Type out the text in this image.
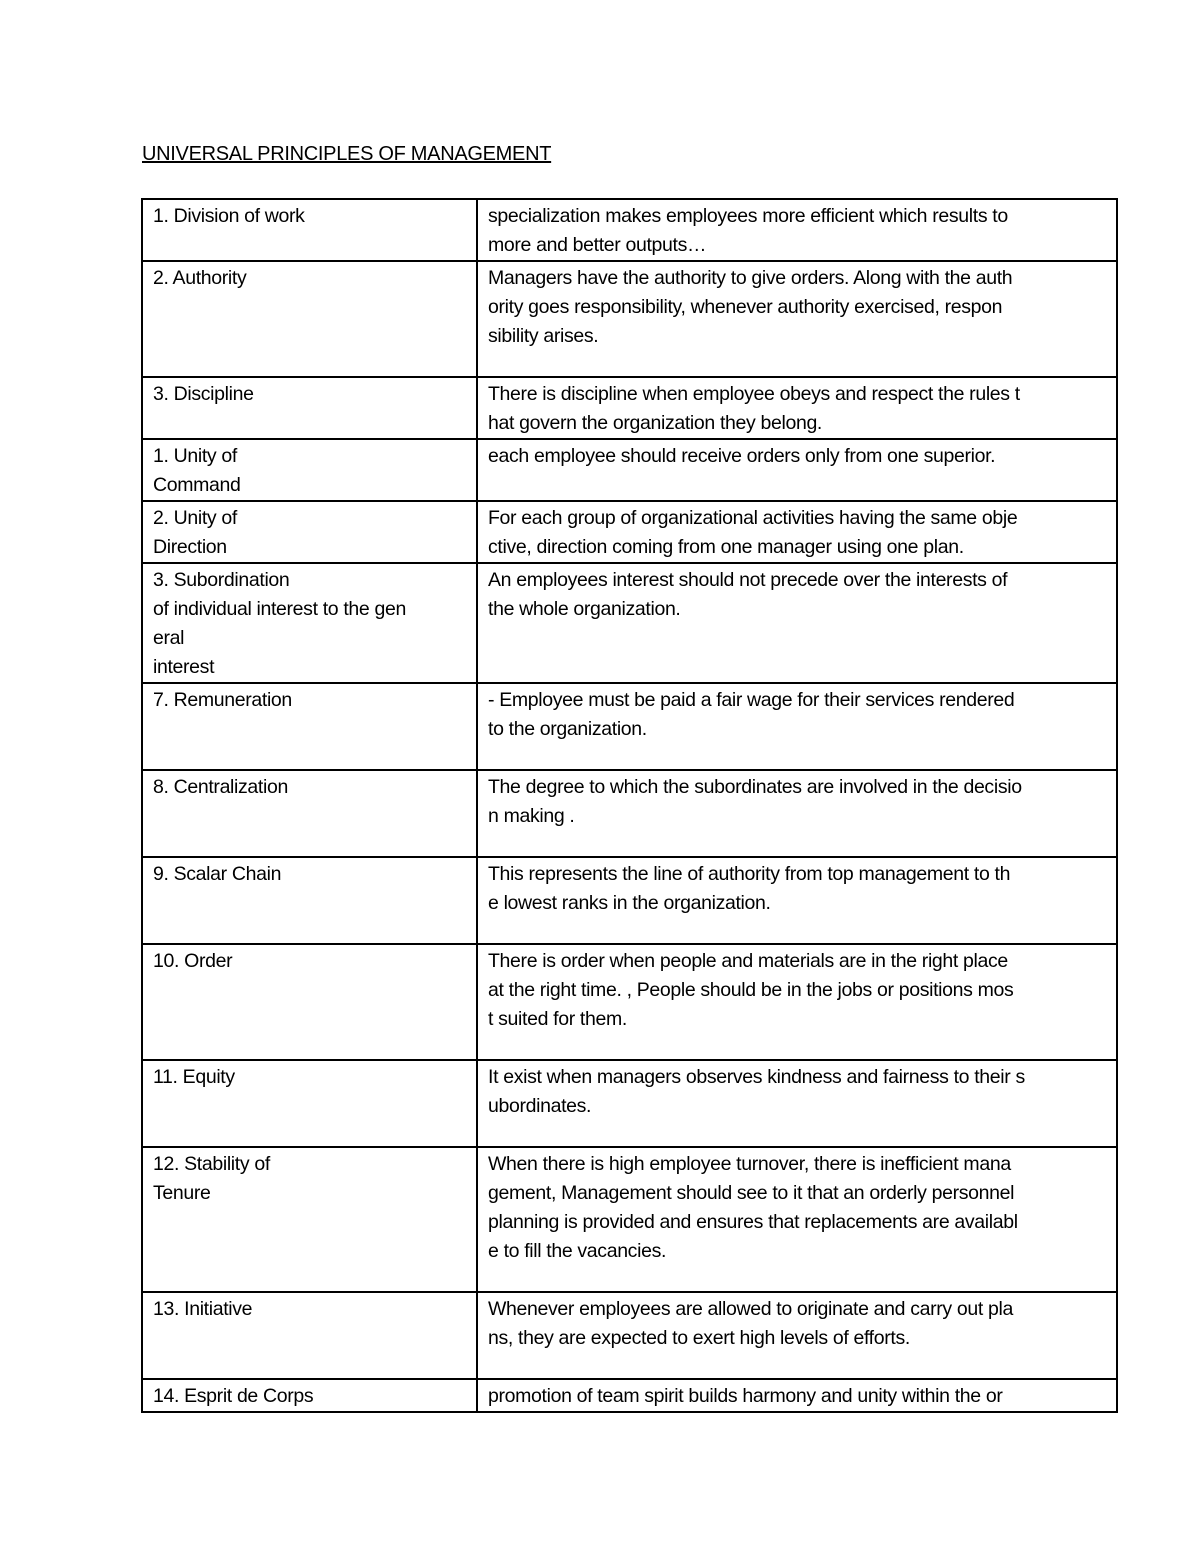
UNIVERSAL PRINCIPLES OF MANAGEMENT
1. Division of work	specialization makes employees more efficient which results to
more and better outputs…
2. Authority	Managers have the authority to give orders. Along with the auth
ority goes responsibility, whenever authority exercised, respon
sibility arises.
3. Discipline	There is discipline when employee obeys and respect the rules t
hat govern the organization they belong.
1. Unity of
Command	each employee should receive orders only from one superior.
2. Unity of
Direction	For each group of organizational activities having the same obje
ctive, direction coming from one manager using one plan.
3. Subordination
of individual interest to the gen
eral
interest	An employees interest should not precede over the interests of
the whole organization.
7. Remuneration	- Employee must be paid a fair wage for their services rendered
to the organization.
8. Centralization	The degree to which the subordinates are involved in the decisio
n making .
9. Scalar Chain	This represents the line of authority from top management to th
e lowest ranks in the organization.
10. Order	There is order when people and materials are in the right place
at the right time. , People should be in the jobs or positions mos
t suited for them.
11. Equity	It exist when managers observes kindness and fairness to their s
ubordinates.
12. Stability of
Tenure	When there is high employee turnover, there is inefficient mana
gement, Management should see to it that an orderly personnel
planning is provided and ensures that replacements are availabl
e to fill the vacancies.
13. Initiative	Whenever employees are allowed to originate and carry out pla
ns, they are expected to exert high levels of efforts.
14. Esprit de Corps	promotion of team spirit builds harmony and unity within the or
